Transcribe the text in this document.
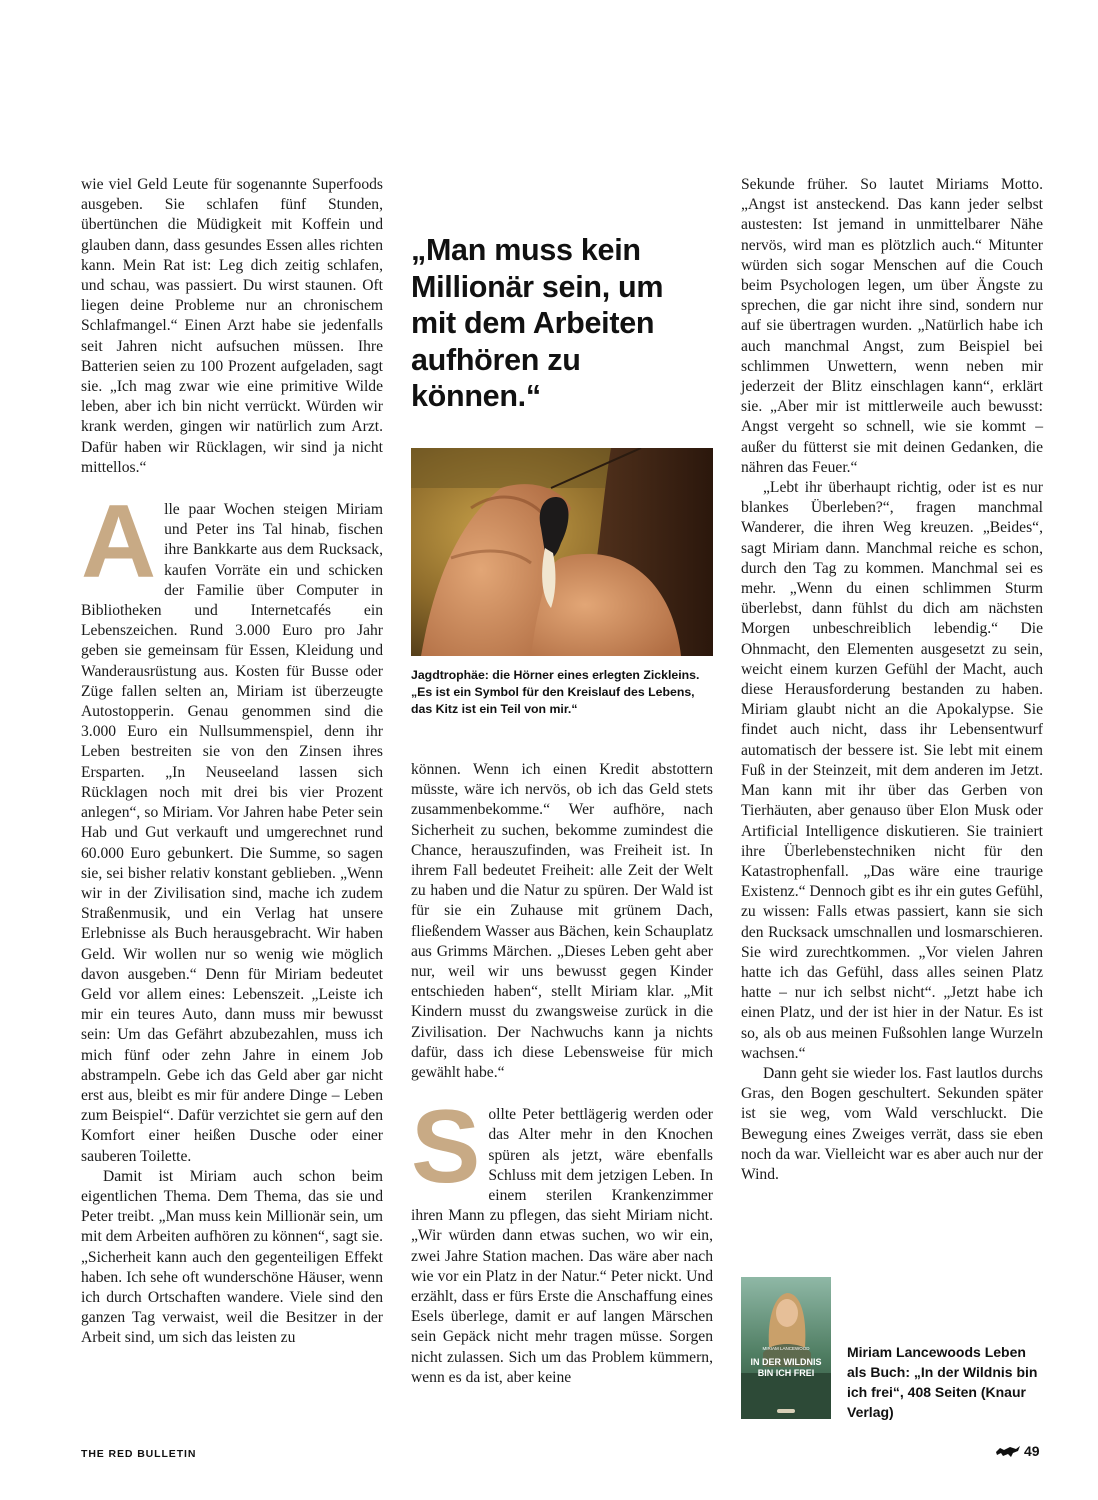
wie viel Geld Leute für sogenannte Superfoods ausgeben. Sie schlafen fünf Stunden, übertünchen die Müdigkeit mit Koffein und glauben dann, dass gesundes Essen alles richten kann. Mein Rat ist: Leg dich zeitig schlafen, und schau, was passiert. Du wirst staunen. Oft liegen deine Probleme nur an chronischem Schlafmangel.“ Einen Arzt habe sie jedenfalls seit Jahren nicht aufsuchen müssen. Ihre Batterien seien zu 100 Prozent aufgeladen, sagt sie. „Ich mag zwar wie eine primitive Wilde leben, aber ich bin nicht verrückt. Würden wir krank werden, gingen wir natürlich zum Arzt. Dafür haben wir Rücklagen, wir sind ja nicht mittellos.“

Alle paar Wochen steigen Miriam und Peter ins Tal hinab, fischen ihre Bankkarte aus dem Rucksack, kaufen Vorräte ein und schicken der Familie über Computer in Bibliotheken und Internetcafés ein Lebenszeichen. Rund 3.000 Euro pro Jahr geben sie gemeinsam für Essen, Kleidung und Wanderausrüstung aus. Kosten für Busse oder Züge fallen selten an, Miriam ist überzeugte Autostopperin. Genau genommen sind die 3.000 Euro ein Nullsummenspiel, denn ihr Leben bestreiten sie von den Zinsen ihres Ersparten. „In Neuseeland lassen sich Rücklagen noch mit drei bis vier Prozent anlegen“, so Miriam. Vor Jahren habe Peter sein Hab und Gut verkauft und umgerechnet rund 60.000 Euro gebunkert. Die Summe, so sagen sie, sei bisher relativ konstant geblieben. „Wenn wir in der Zivilisation sind, mache ich zudem Straßenmusik, und ein Verlag hat unsere Erlebnisse als Buch herausgebracht. Wir haben Geld. Wir wollen nur so wenig wie möglich davon ausgeben.“ Denn für Miriam bedeutet Geld vor allem eines: Lebenszeit. „Leiste ich mir ein teures Auto, dann muss mir bewusst sein: Um das Gefährt abzubezahlen, muss ich mich fünf oder zehn Jahre in einem Job abstrampeln. Gebe ich das Geld aber gar nicht erst aus, bleibt es mir für andere Dinge – Leben zum Beispiel“. Dafür verzichtet sie gern auf den Komfort einer heißen Dusche oder einer sauberen Toilette.

Damit ist Miriam auch schon beim eigentlichen Thema. Dem Thema, das sie und Peter treibt. „Man muss kein Millionär sein, um mit dem Arbeiten aufhören zu können“, sagt sie. „Sicherheit kann auch den gegenteiligen Effekt haben. Ich sehe oft wunderschöne Häuser, wenn ich durch Ortschaften wandere. Viele sind den ganzen Tag verwaist, weil die Besitzer in der Arbeit sind, um sich das leisten zu

„Man muss kein Millionär sein, um mit dem Arbeiten aufhören zu können.“
Jagdtrophäe: die Hörner eines erlegten Zickleins.
„Es ist ein Symbol für den Kreislauf des Lebens, das Kitz ist ein Teil von mir.“

können. Wenn ich einen Kredit abstottern müsste, wäre ich nervös, ob ich das Geld stets zusammenbekomme.“ Wer aufhöre, nach Sicherheit zu suchen, bekomme zumindest die Chance, herauszufinden, was Freiheit ist. In ihrem Fall bedeutet Freiheit: alle Zeit der Welt zu haben und die Natur zu spüren. Der Wald ist für sie ein Zuhause mit grünem Dach, fließendem Wasser aus Bächen, kein Schauplatz aus Grimms Märchen. „Dieses Leben geht aber nur, weil wir uns bewusst gegen Kinder entschieden haben“, stellt Miriam klar. „Mit Kindern musst du zwangsweise zurück in die Zivilisation. Der Nachwuchs kann ja nichts dafür, dass ich diese Lebensweise für mich gewählt habe.“

Sollte Peter bettlägerig werden oder das Alter mehr in den Knochen spüren als jetzt, wäre ebenfalls Schluss mit dem jetzigen Leben. In einem sterilen Krankenzimmer ihren Mann zu pflegen, das sieht Miriam nicht. „Wir würden dann etwas suchen, wo wir ein, zwei Jahre Station machen. Das wäre aber nach wie vor ein Platz in der Natur.“ Peter nickt. Und erzählt, dass er fürs Erste die Anschaffung eines Esels überlege, damit er auf langen Märschen sein Gepäck nicht mehr tragen müsse. Sorgen nicht zulassen. Sich um das Problem kümmern, wenn es da ist, aber keine

Sekunde früher. So lautet Miriams Motto. „Angst ist ansteckend. Das kann jeder selbst austesten: Ist jemand in unmittelbarer Nähe nervös, wird man es plötzlich auch.“ Mitunter würden sich sogar Menschen auf die Couch beim Psychologen legen, um über Ängste zu sprechen, die gar nicht ihre sind, sondern nur auf sie übertragen wurden. „Natürlich habe ich auch manchmal Angst, zum Beispiel bei schlimmen Unwettern, wenn neben mir jederzeit der Blitz einschlagen kann“, erklärt sie. „Aber mir ist mittlerweile auch bewusst: Angst vergeht so schnell, wie sie kommt – außer du fütterst sie mit deinen Gedanken, die nähren das Feuer.“

„Lebt ihr überhaupt richtig, oder ist es nur blankes Überleben?“, fragen manchmal Wanderer, die ihren Weg kreuzen. „Beides“, sagt Miriam dann. Manchmal reiche es schon, durch den Tag zu kommen. Manchmal sei es mehr. „Wenn du einen schlimmen Sturm überlebst, dann fühlst du dich am nächsten Morgen unbeschreiblich lebendig.“ Die Ohnmacht, den Elementen ausgesetzt zu sein, weicht einem kurzen Gefühl der Macht, auch diese Herausforderung bestanden zu haben. Miriam glaubt nicht an die Apokalypse. Sie findet auch nicht, dass ihr Lebensentwurf automatisch der bessere ist. Sie lebt mit einem Fuß in der Steinzeit, mit dem anderen im Jetzt. Man kann mit ihr über das Gerben von Tierhäuten, aber genauso über Elon Musk oder Artificial Intelligence diskutieren. Sie trainiert ihre Überlebenstechniken nicht für den Katastrophenfall. „Das wäre eine traurige Existenz.“ Dennoch gibt es ihr ein gutes Gefühl, zu wissen: Falls etwas passiert, kann sie sich den Rucksack umschnallen und losmarschieren. Sie wird zurechtkommen. „Vor vielen Jahren hatte ich das Gefühl, dass alles seinen Platz hatte – nur ich selbst nicht“. „Jetzt habe ich einen Platz, und der ist hier in der Natur. Es ist so, als ob aus meinen Fußsohlen lange Wurzeln wachsen.“

Dann geht sie wieder los. Fast lautlos durchs Gras, den Bogen geschultert. Sekunden später ist sie weg, vom Wald verschluckt. Die Bewegung eines Zweiges verrät, dass sie eben noch da war. Vielleicht war es aber auch nur der Wind.

MIRIAM LANCEWOOD
IN DER WILDNIS
BIN ICH FREI
Miriam Lancewoods Leben als Buch: „In der Wildnis bin ich frei“, 408 Seiten (Knaur Verlag)
THE RED BULLETIN	49
